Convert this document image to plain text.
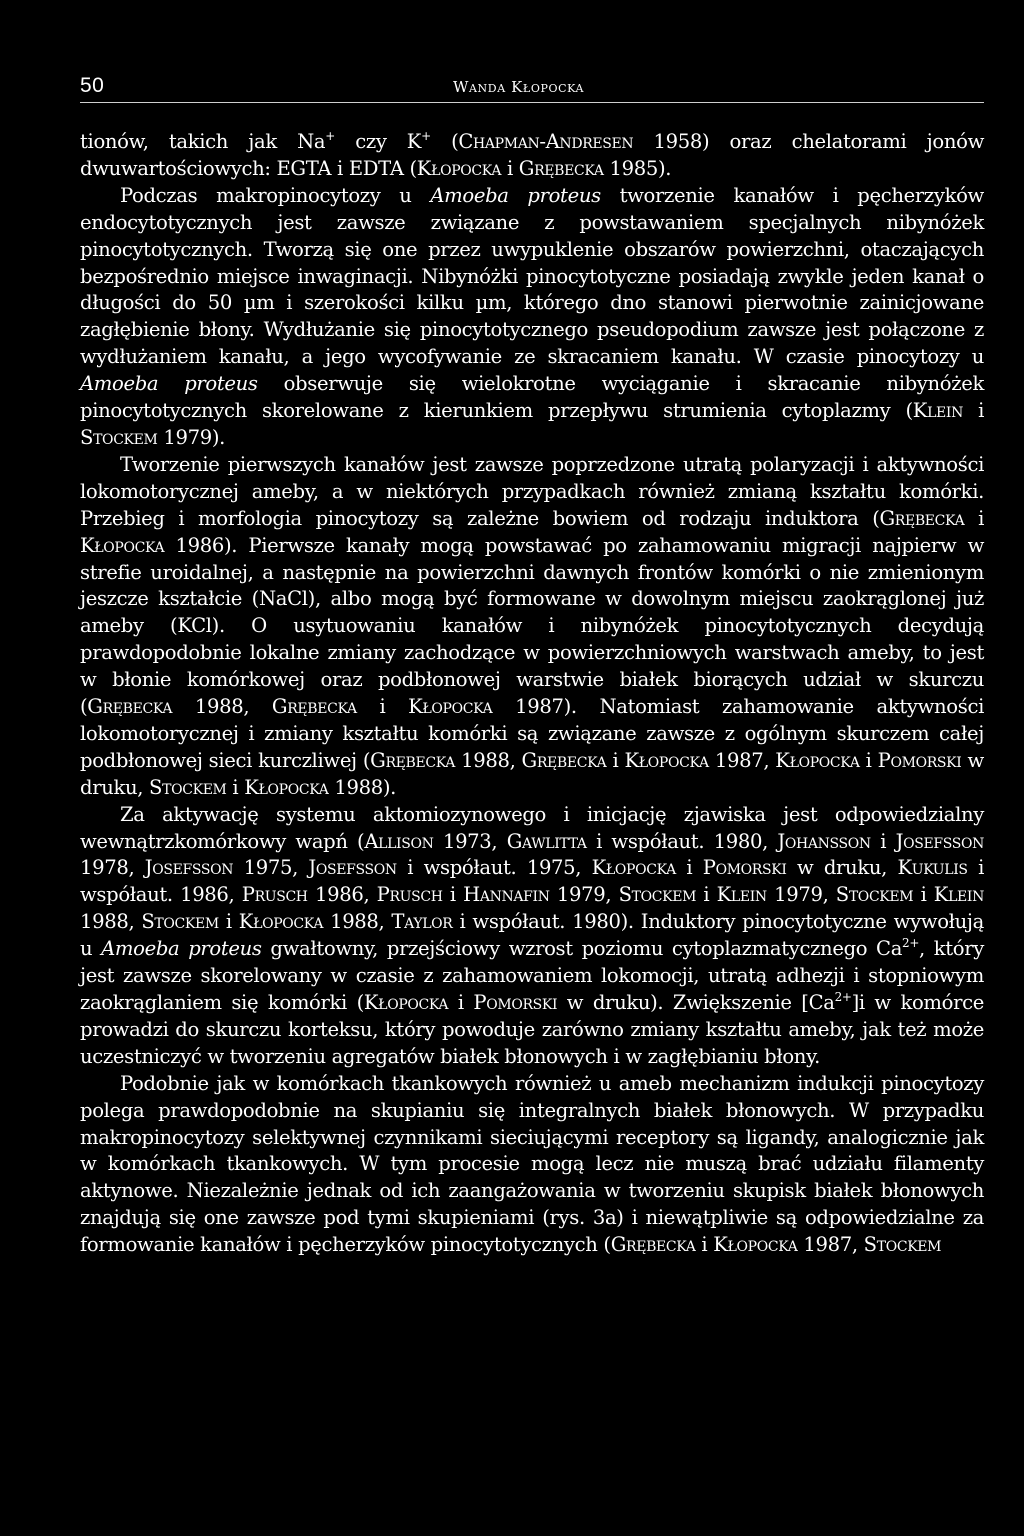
50	Wanda Kłopocka

tionów, takich jak Na+ czy K+ (Chapman-Andresen 1958) oraz chelatorami jonów dwuwartościowych: EGTA i EDTA (Kłopocka i Grębecka 1985).

Podczas makropinocytozy u Amoeba proteus tworzenie kanałów i pęcherzyków endocytotycznych jest zawsze związane z powstawaniem specjalnych nibynóżek pinocytotycznych. Tworzą się one przez uwypuklenie obszarów powierzchni, otaczających bezpośrednio miejsce inwaginacji. Nibynóżki pinocytotyczne posiadają zwykle jeden kanał o długości do 50 µm i szerokości kilku µm, którego dno stanowi pierwotnie zainicjowane zagłębienie błony. Wydłużanie się pinocytotycznego pseudopodium zawsze jest połączone z wydłużaniem kanału, a jego wycofywanie ze skracaniem kanału. W czasie pinocytozy u Amoeba proteus obserwuje się wielokrotne wyciąganie i skracanie nibynóżek pinocytotycznych skorelowane z kierunkiem przepływu strumienia cytoplazmy (Klein i Stockem 1979).

Tworzenie pierwszych kanałów jest zawsze poprzedzone utratą polaryzacji i aktywności lokomotorycznej ameby, a w niektórych przypadkach również zmianą kształtu komórki. Przebieg i morfologia pinocytozy są zależne bowiem od rodzaju induktora (Grębecka i Kłopocka 1986). Pierwsze kanały mogą powstawać po zahamowaniu migracji najpierw w strefie uroidalnej, a następnie na powierzchni dawnych frontów komórki o nie zmienionym jeszcze kształcie (NaCl), albo mogą być formowane w dowolnym miejscu zaokrąglonej już ameby (KCl). O usytuowaniu kanałów i nibynóżek pinocytotycznych decydują prawdopodobnie lokalne zmiany zachodzące w powierzchniowych warstwach ameby, to jest w błonie komórkowej oraz podbłonowej warstwie białek biorących udział w skurczu (Grębecka 1988, Grębecka i Kłopocka 1987). Natomiast zahamowanie aktywności lokomotorycznej i zmiany kształtu komórki są związane zawsze z ogólnym skurczem całej podbłonowej sieci kurczliwej (Grębecka 1988, Grębecka i Kłopocka 1987, Kłopocka i Pomorski w druku, Stockem i Kłopocka 1988).

Za aktywację systemu aktomiozynowego i inicjację zjawiska jest odpowiedzialny wewnątrzkomórkowy wapń (Allison 1973, Gawlitta i współaut. 1980, Johansson i Josefsson 1978, Josefsson 1975, Josefsson i współaut. 1975, Kłopocka i Pomorski w druku, Kukulis i współaut. 1986, Prusch 1986, Prusch i Hannafin 1979, Stockem i Klein 1979, Stockem i Klein 1988, Stockem i Kłopocka 1988, Taylor i współaut. 1980). Induktory pinocytotyczne wywołują u Amoeba proteus gwałtowny, przejściowy wzrost poziomu cytoplazmatycznego $Ca^{2+}$, który jest zawsze skorelowany w czasie z zahamowaniem lokomocji, utratą adhezji i stopniowym zaokrąglaniem się komórki (Kłopocka i Pomorski w druku). Zwiększenie $[Ca^{2+}]i$ w komórce prowadzi do skurczu korteksu, który powoduje zarówno zmiany kształtu ameby, jak też może uczestniczyć w tworzeniu agregatów białek błonowych i w zagłębianiu błony.

Podobnie jak w komórkach tkankowych również u ameb mechanizm indukcji pinocytozy polega prawdopodobnie na skupianiu się integralnych białek błonowych. W przypadku makropinocytozy selektywnej czynnikami sieciującymi receptory są ligandy, analogicznie jak w komórkach tkankowych. W tym procesie mogą lecz nie muszą brać udziału filamenty aktynowe. Niezależnie jednak od ich zaangażowania w tworzeniu skupisk białek błonowych znajdują się one zawsze pod tymi skupieniami (rys. 3a) i niewątpliwie są odpowiedzialne za formowanie kanałów i pęcherzyków pinocytotycznych (Grębecka i Kłopocka 1987, Stockem
